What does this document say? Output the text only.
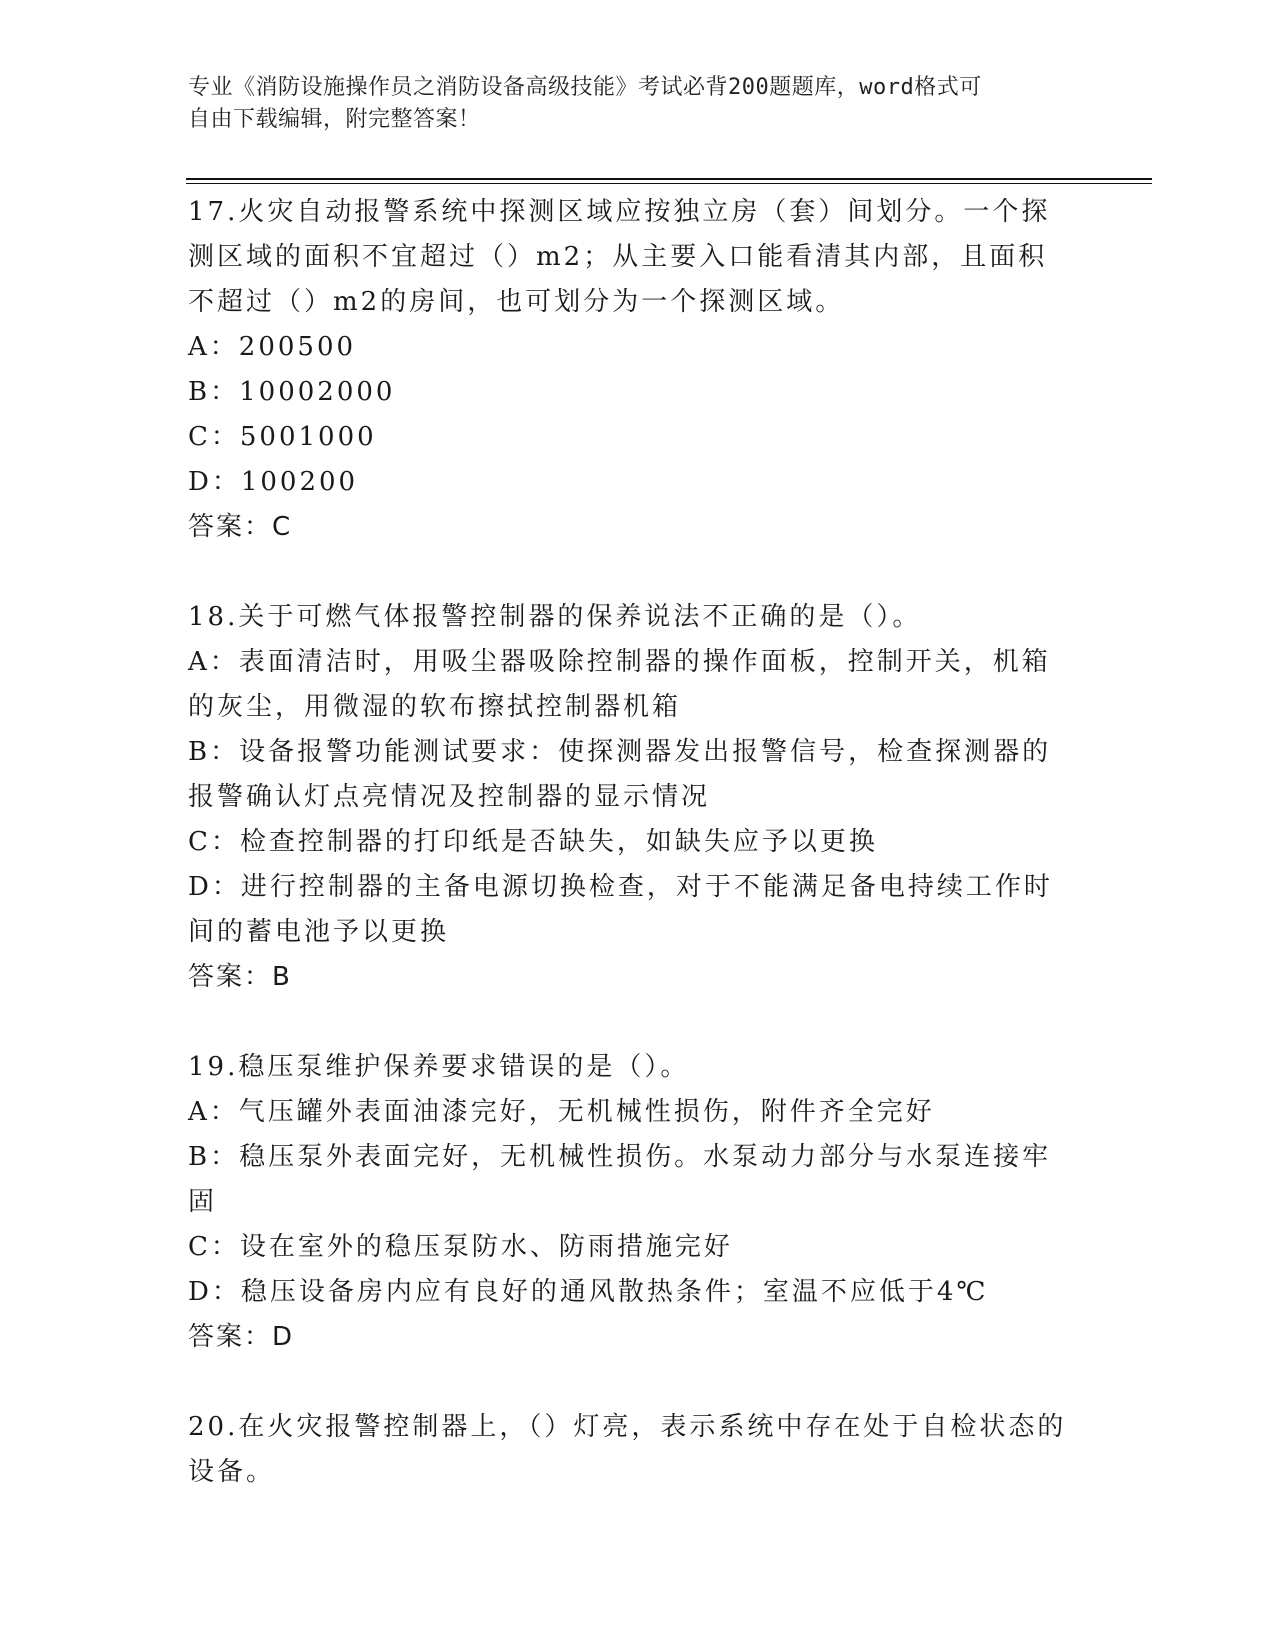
专业《消防设施操作员之消防设备高级技能》考试必背200题题库，word格式可
自由下载编辑，附完整答案！

17.火灾自动报警系统中探测区域应按独立房（套）间划分。一个探测区域的面积不宜超过（）m2；从主要入口能看清其内部，且面积不超过（）m2的房间，也可划分为一个探测区域。

A：200500

B：10002000

C：5001000

D：100200

答案：C

18.关于可燃气体报警控制器的保养说法不正确的是（）。

A：表面清洁时，用吸尘器吸除控制器的操作面板，控制开关，机箱的灰尘，用微湿的软布擦拭控制器机箱

B：设备报警功能测试要求：使探测器发出报警信号，检查探测器的报警确认灯点亮情况及控制器的显示情况

C：检查控制器的打印纸是否缺失，如缺失应予以更换

D：进行控制器的主备电源切换检查，对于不能满足备电持续工作时间的蓄电池予以更换

答案：B

19.稳压泵维护保养要求错误的是（）。

A：气压罐外表面油漆完好，无机械性损伤，附件齐全完好

B：稳压泵外表面完好，无机械性损伤。水泵动力部分与水泵连接牢固

C：设在室外的稳压泵防水、防雨措施完好

D：稳压设备房内应有良好的通风散热条件；室温不应低于4℃

答案：D

20.在火灾报警控制器上，（）灯亮，表示系统中存在处于自检状态的设备。
